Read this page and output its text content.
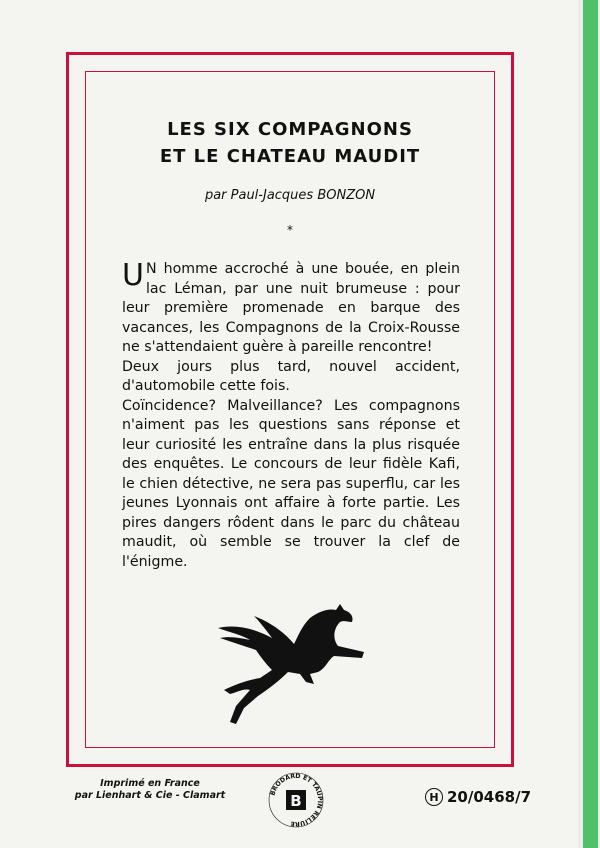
LES SIX COMPAGNONS
ET LE CHATEAU MAUDIT
par Paul-Jacques BONZON
*

U N homme accroché à une bouée, en plein lac Léman, par une nuit brumeuse : pour leur première promenade en barque des vacances, les Compagnons de la Croix-Rousse ne s'attendaient guère à pareille rencontre!

Deux jours plus tard, nouvel accident, d'automobile cette fois.

Coïncidence? Malveillance? Les compagnons n'aiment pas les questions sans réponse et leur curiosité les entraîne dans la plus risquée des enquêtes. Le concours de leur fidèle Kafi, le chien détective, ne sera pas superflu, car les jeunes Lyonnais ont affaire à forte partie. Les pires dangers rôdent dans le parc du château maudit, où semble se trouver la clef de l'énigme.

Imprimé en France
par Lienhart & Cie - Clamart	BRODARD ET TAUPIN RELIURE
B	H 20/0468/7
